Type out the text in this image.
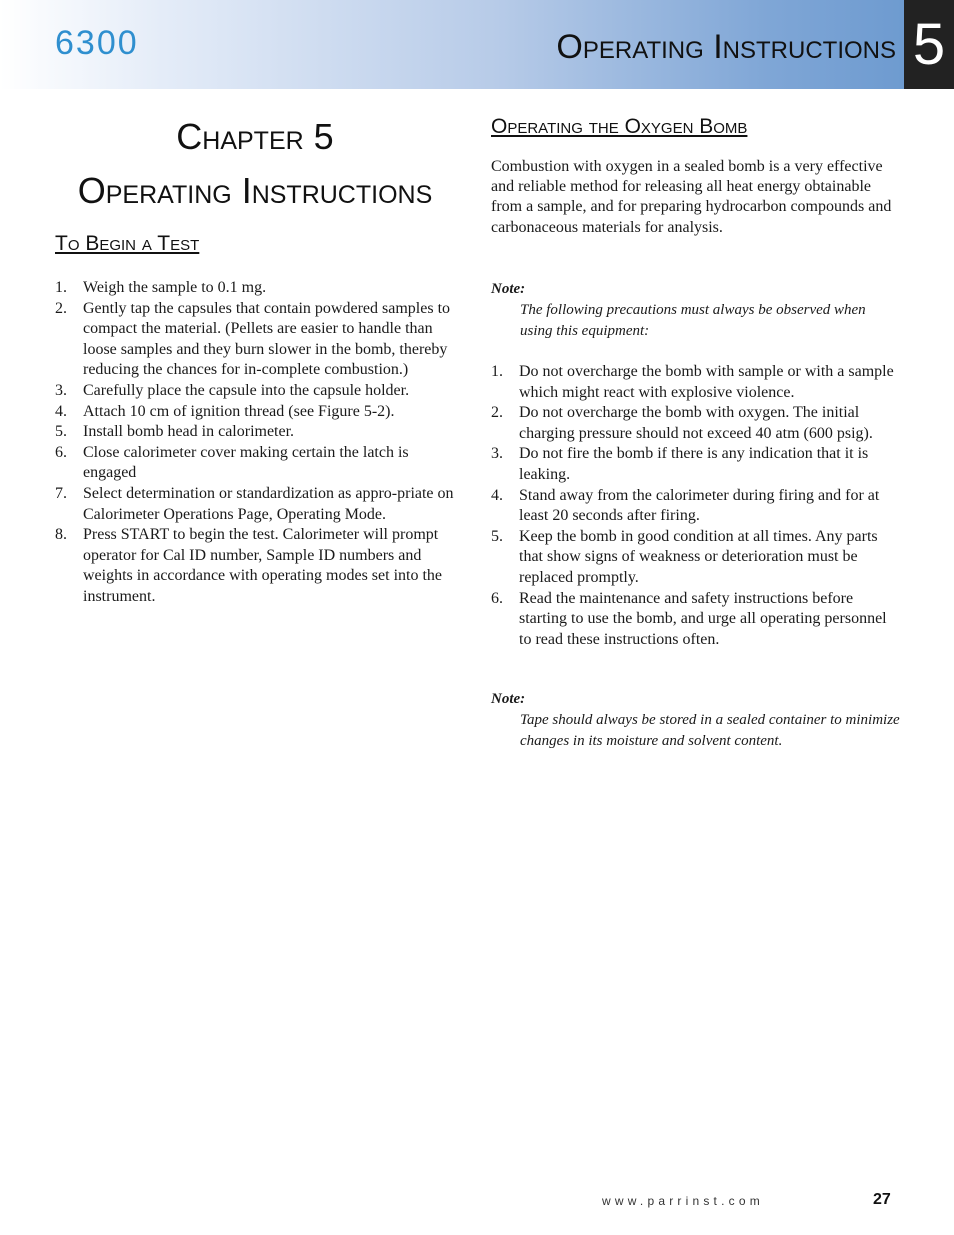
6300	Operating Instructions 5
Chapter 5
Operating Instructions
To Begin a Test
1. Weigh the sample to 0.1 mg.
2. Gently tap the capsules that contain powdered samples to compact the material. (Pellets are easier to handle than loose samples and they burn slower in the bomb, thereby reducing the chances for in-complete combustion.)
3. Carefully place the capsule into the capsule holder.
4. Attach 10 cm of ignition thread (see Figure 5-2).
5. Install bomb head in calorimeter.
6. Close calorimeter cover making certain the latch is engaged
7. Select determination or standardization as appro-priate on Calorimeter Operations Page, Operating Mode.
8. Press START to begin the test. Calorimeter will prompt operator for Cal ID number, Sample ID numbers and weights in accordance with operating modes set into the instrument.
Operating the Oxygen Bomb

Combustion with oxygen in a sealed bomb is a very effective and reliable method for releasing all heat energy obtainable from a sample, and for preparing hydrocarbon compounds and carbonaceous materials for analysis.

Note:

The following precautions must always be observed when using this equipment:

1. Do not overcharge the bomb with sample or with a sample which might react with explosive violence.
2. Do not overcharge the bomb with oxygen. The initial charging pressure should not exceed 40 atm (600 psig).
3. Do not fire the bomb if there is any indication that it is leaking.
4. Stand away from the calorimeter during firing and for at least 20 seconds after firing.
5. Keep the bomb in good condition at all times. Any parts that show signs of weakness or deterioration must be replaced promptly.
6. Read the maintenance and safety instructions before starting to use the bomb, and urge all operating personnel to read these instructions often.
Note:

Tape should always be stored in a sealed container to minimize changes in its moisture and solvent content.

www.parrinst.com	27
